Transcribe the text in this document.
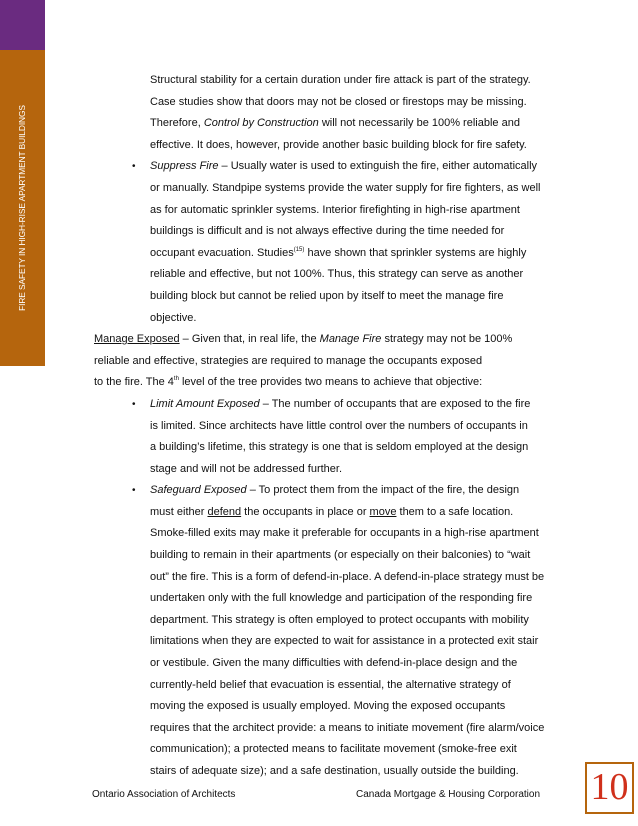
FIRE SAFETY IN HIGH-RISE APARTMENT BUILDINGS
Structural stability for a certain duration under fire attack is part of the strategy.
Case studies show that doors may not be closed or firestops may be missing.
Therefore, Control by Construction will not necessarily be 100% reliable and
effective. It does, however, provide another basic building block for fire safety.
• Suppress Fire – Usually water is used to extinguish the fire, either automatically
or manually. Standpipe systems provide the water supply for fire fighters, as well
as for automatic sprinkler systems. Interior firefighting in high-rise apartment
buildings is difficult and is not always effective during the time needed for
occupant evacuation. Studies$^{(15)}$ have shown that sprinkler systems are highly
reliable and effective, but not 100%. Thus, this strategy can serve as another
building block but cannot be relied upon by itself to meet the manage fire
objective.
Manage Exposed – Given that, in real life, the Manage Fire strategy may not be 100%
reliable and effective, strategies are required to manage the occupants exposed
to the fire. The 4th level of the tree provides two means to achieve that objective:
• Limit Amount Exposed – The number of occupants that are exposed to the fire
is limited. Since architects have little control over the numbers of occupants in
a building’s lifetime, this strategy is one that is seldom employed at the design
stage and will not be addressed further.
• Safeguard Exposed – To protect them from the impact of the fire, the design
must either defend the occupants in place or move them to a safe location.
Smoke-filled exits may make it preferable for occupants in a high-rise apartment
building to remain in their apartments (or especially on their balconies) to “wait
out” the fire. This is a form of defend-in-place. A defend-in-place strategy must be
undertaken only with the full knowledge and participation of the responding fire
department. This strategy is often employed to protect occupants with mobility
limitations when they are expected to wait for assistance in a protected exit stair
or vestibule. Given the many difficulties with defend-in-place design and the
currently-held belief that evacuation is essential, the alternative strategy of
moving the exposed is usually employed. Moving the exposed occupants
requires that the architect provide: a means to initiate movement (fire alarm/voice
communication); a protected means to facilitate movement (smoke-free exit
stairs of adequate size); and a safe destination, usually outside the building.
Ontario Association of Architects	Canada Mortgage & Housing Corporation 10
